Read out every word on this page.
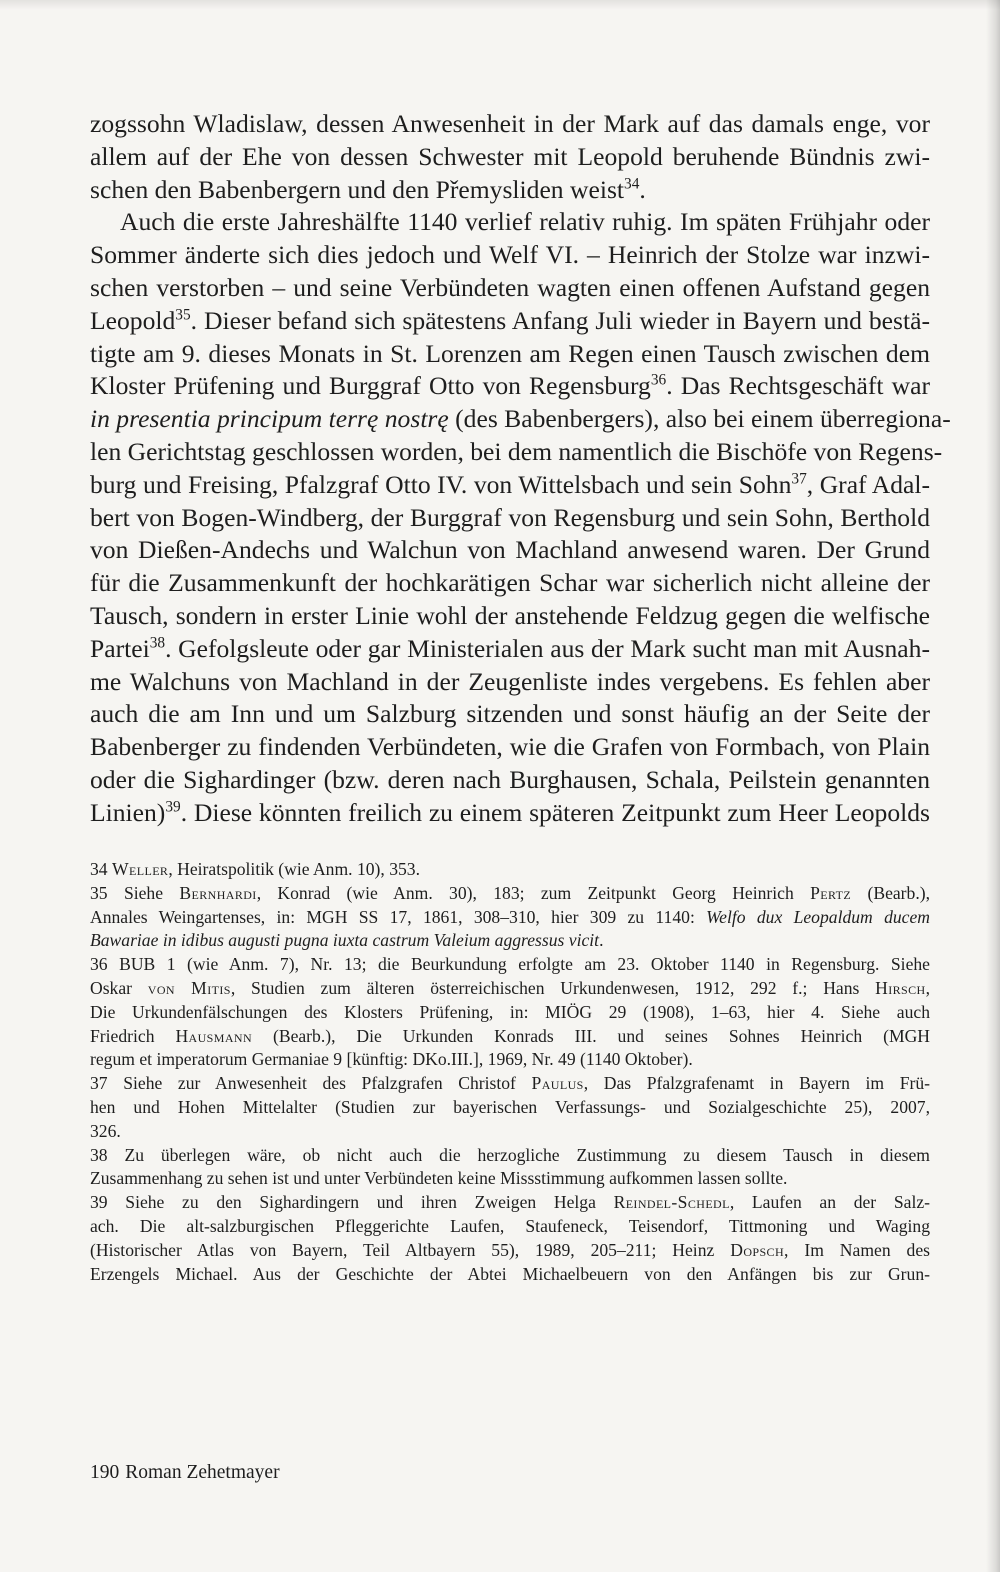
zogssohn Wladislaw, dessen Anwesenheit in der Mark auf das damals enge, vor
allem auf der Ehe von dessen Schwester mit Leopold beruhende Bündnis zwi-
schen den Babenbergern und den Přemysliden weist$^{34}$.

Auch die erste Jahreshälfte 1140 verlief relativ ruhig. Im späten Frühjahr oder
Sommer änderte sich dies jedoch und Welf VI. – Heinrich der Stolze war inzwi-
schen verstorben – und seine Verbündeten wagten einen offenen Aufstand gegen
Leopold$^{35}$. Dieser befand sich spätestens Anfang Juli wieder in Bayern und bestä-
tigte am 9. dieses Monats in St. Lorenzen am Regen einen Tausch zwischen dem
Kloster Prüfening und Burggraf Otto von Regensburg$^{36}$. Das Rechtsgeschäft war
in presentia principum terrę nostrę (des Babenbergers), also bei einem überregiona-
len Gerichtstag geschlossen worden, bei dem namentlich die Bischöfe von Regens-
burg und Freising, Pfalzgraf Otto IV. von Wittelsbach und sein Sohn$^{37}$, Graf Adal-
bert von Bogen-Windberg, der Burggraf von Regensburg und sein Sohn, Berthold
von Dießen-Andechs und Walchun von Machland anwesend waren. Der Grund
für die Zusammenkunft der hochkarätigen Schar war sicherlich nicht alleine der
Tausch, sondern in erster Linie wohl der anstehende Feldzug gegen die welfische
Partei$^{38}$. Gefolgsleute oder gar Ministerialen aus der Mark sucht man mit Ausnah-
me Walchuns von Machland in der Zeugenliste indes vergebens. Es fehlen aber
auch die am Inn und um Salzburg sitzenden und sonst häufig an der Seite der
Babenberger zu findenden Verbündeten, wie die Grafen von Formbach, von Plain
oder die Sighardinger (bzw. deren nach Burghausen, Schala, Peilstein genannten
Linien)$^{39}$. Diese könnten freilich zu einem späteren Zeitpunkt zum Heer Leopolds

34 Weller, Heiratspolitik (wie Anm. 10), 353.
35 Siehe Bernhardi, Konrad (wie Anm. 30), 183; zum Zeitpunkt Georg Heinrich Pertz (Bearb.),
Annales Weingartenses, in: MGH SS 17, 1861, 308–310, hier 309 zu 1140: Welfo dux Leopaldum ducem
Bawariae in idibus augusti pugna iuxta castrum Valeium aggressus vicit.
36 BUB 1 (wie Anm. 7), Nr. 13; die Beurkundung erfolgte am 23. Oktober 1140 in Regensburg. Siehe
Oskar von Mitis, Studien zum älteren österreichischen Urkundenwesen, 1912, 292 f.; Hans Hirsch,
Die Urkundenfälschungen des Klosters Prüfening, in: MIÖG 29 (1908), 1–63, hier 4. Siehe auch
Friedrich Hausmann (Bearb.), Die Urkunden Konrads III. und seines Sohnes Heinrich (MGH
regum et imperatorum Germaniae 9 [künftig: DKo.III.], 1969, Nr. 49 (1140 Oktober).
37 Siehe zur Anwesenheit des Pfalzgrafen Christof Paulus, Das Pfalzgrafenamt in Bayern im Frü-
hen und Hohen Mittelalter (Studien zur bayerischen Verfassungs- und Sozialgeschichte 25), 2007,
326.
38 Zu überlegen wäre, ob nicht auch die herzogliche Zustimmung zu diesem Tausch in diesem
Zusammenhang zu sehen ist und unter Verbündeten keine Missstimmung aufkommen lassen sollte.
39 Siehe zu den Sighardingern und ihren Zweigen Helga Reindel-Schedl, Laufen an der Salz-
ach. Die alt-salzburgischen Pfleggerichte Laufen, Staufeneck, Teisendorf, Tittmoning und Waging
(Historischer Atlas von Bayern, Teil Altbayern 55), 1989, 205–211; Heinz Dopsch, Im Namen des
Erzengels Michael. Aus der Geschichte der Abtei Michaelbeuern von den Anfängen bis zur Grun-
190 Roman Zehetmayer
